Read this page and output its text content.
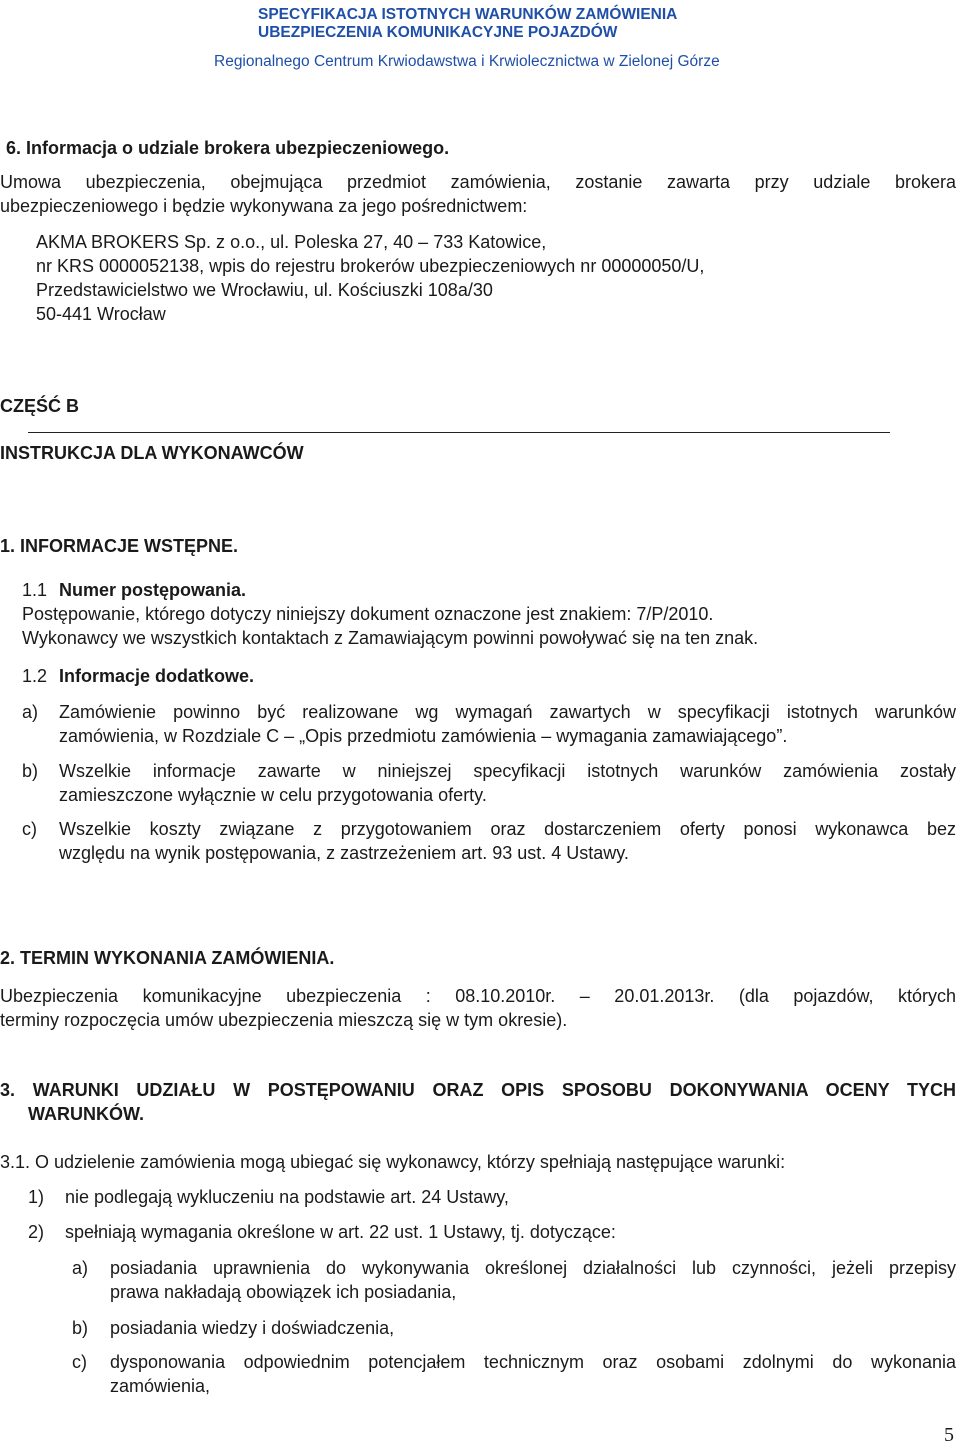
SPECYFIKACJA ISTOTNYCH WARUNKÓW ZAMÓWIENIA
UBEZPIECZENIA KOMUNIKACYJNE POJAZDÓW
Regionalnego Centrum Krwiodawstwa i Krwiolecznictwa w Zielonej Górze
6. Informacja o udziale brokera ubezpieczeniowego.
Umowa ubezpieczenia, obejmująca przedmiot zamówienia, zostanie zawarta przy udziale brokera
ubezpieczeniowego i będzie wykonywana za jego pośrednictwem:
AKMA BROKERS Sp. z o.o., ul. Poleska 27, 40 – 733 Katowice,
nr KRS 0000052138, wpis do rejestru brokerów ubezpieczeniowych nr 00000050/U,
Przedstawicielstwo we Wrocławiu, ul. Kościuszki 108a/30
50-441 Wrocław
CZĘŚĆ B
INSTRUKCJA DLA WYKONAWCÓW
1. INFORMACJE WSTĘPNE.
1.1 Numer postępowania.
Postępowanie, którego dotyczy niniejszy dokument oznaczone jest znakiem: 7/P/2010.
Wykonawcy we wszystkich kontaktach z Zamawiającym powinni powoływać się na ten znak.
1.2 Informacje dodatkowe.
a) Zamówienie powinno być realizowane wg wymagań zawartych w specyfikacji istotnych warunków
zamówienia, w Rozdziale C – „Opis przedmiotu zamówienia – wymagania zamawiającego”.
b) Wszelkie informacje zawarte w niniejszej specyfikacji istotnych warunków zamówienia zostały
zamieszczone wyłącznie w celu przygotowania oferty.
c) Wszelkie koszty związane z przygotowaniem oraz dostarczeniem oferty ponosi wykonawca bez
względu na wynik postępowania, z zastrzeżeniem art. 93 ust. 4 Ustawy.
2. TERMIN WYKONANIA ZAMÓWIENIA.
Ubezpieczenia komunikacyjne ubezpieczenia : 08.10.2010r. – 20.01.2013r. (dla pojazdów, których
terminy rozpoczęcia umów ubezpieczenia mieszczą się w tym okresie).
3. WARUNKI UDZIAŁU W POSTĘPOWANIU ORAZ OPIS SPOSOBU DOKONYWANIA OCENY TYCH
WARUNKÓW.
3.1. O udzielenie zamówienia mogą ubiegać się wykonawcy, którzy spełniają następujące warunki:
1) nie podlegają wykluczeniu na podstawie art. 24 Ustawy,
2) spełniają wymagania określone w art. 22 ust. 1 Ustawy, tj. dotyczące:
a) posiadania uprawnienia do wykonywania określonej działalności lub czynności, jeżeli przepisy
prawa nakładają obowiązek ich posiadania,
b) posiadania wiedzy i doświadczenia,
c) dysponowania odpowiednim potencjałem technicznym oraz osobami zdolnymi do wykonania
zamówienia,
5
